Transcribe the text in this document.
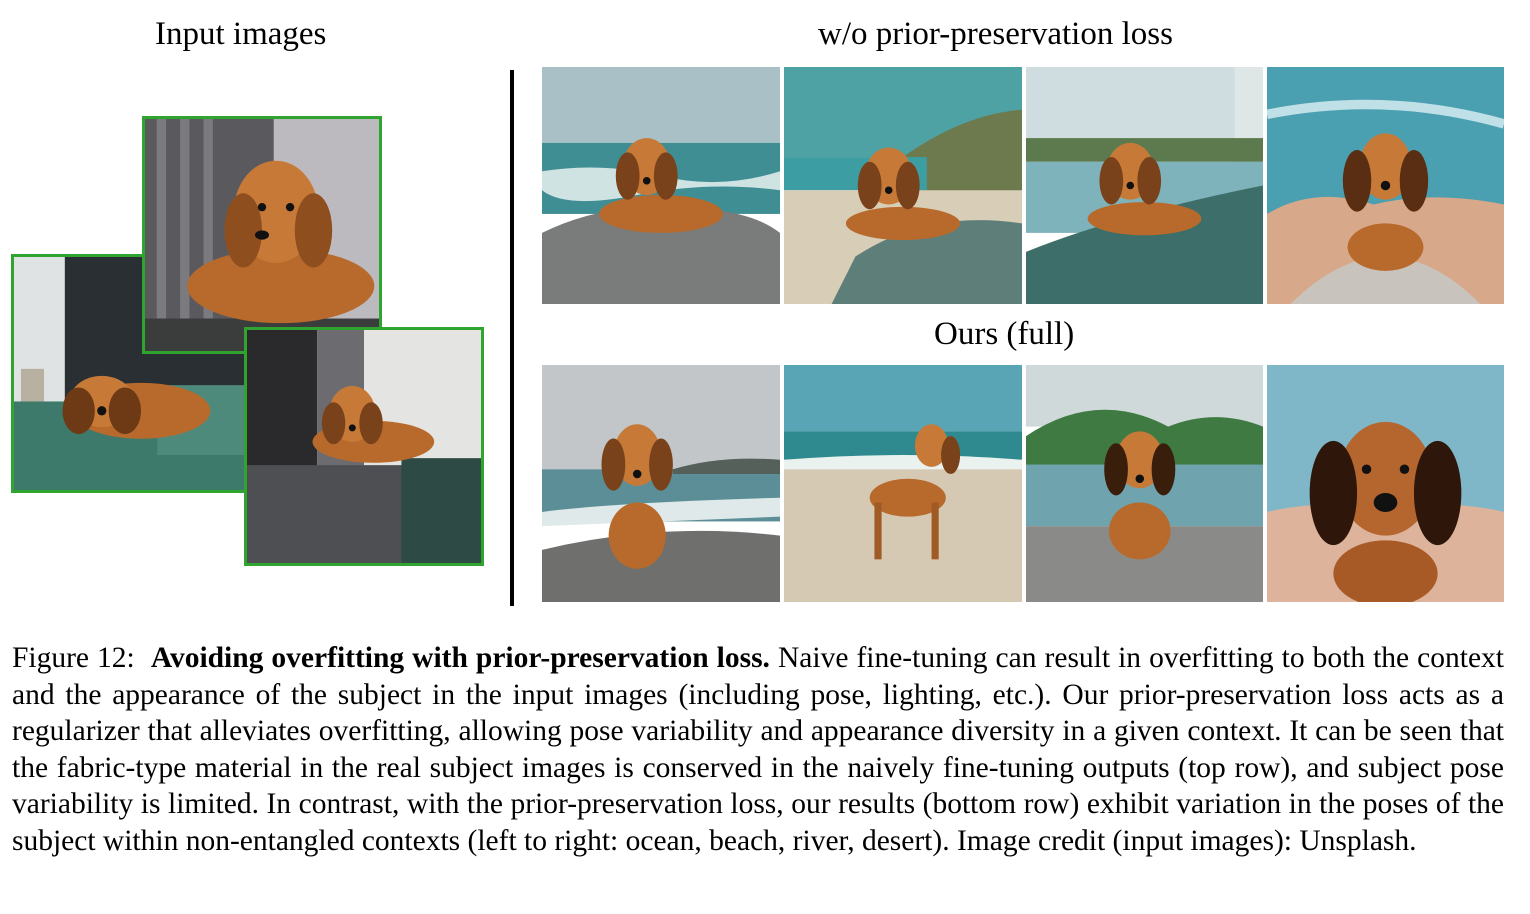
Input images	w/o prior-preservation loss
Ours (full)

Figure 12: Avoiding overfitting with prior-preservation loss. Naive fine-tuning can result in overfitting to both the context and the appearance of the subject in the input images (including pose, lighting, etc.). Our prior-preservation loss acts as a regularizer that alleviates overfitting, allowing pose variability and appearance diversity in a given context. It can be seen that the fabric-type material in the real subject images is conserved in the naively fine-tuning outputs (top row), and subject pose variability is limited. In contrast, with the prior-preservation loss, our results (bottom row) exhibit variation in the poses of the subject within non-entangled contexts (left to right: ocean, beach, river, desert). Image credit (input images): Unsplash.
